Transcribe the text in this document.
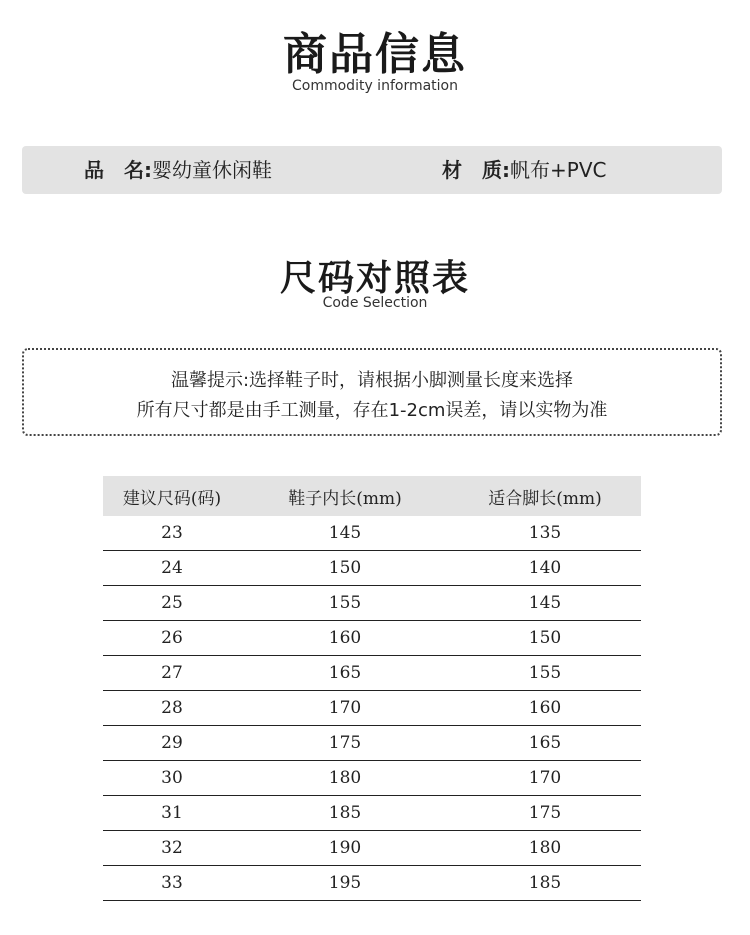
商品信息
Commodity information
品　名:婴幼童休闲鞋	材　质:帆布+PVC
尺码对照表
Code Selection
温馨提示:选择鞋子时，请根据小脚测量长度来选择
所有尺寸都是由手工测量，存在1-2cm误差，请以实物为准
建议尺码(码)	鞋子内长(mm)	适合脚长(mm)
23	145	135
24	150	140
25	155	145
26	160	150
27	165	155
28	170	160
29	175	165
30	180	170
31	185	175
32	190	180
33	195	185
